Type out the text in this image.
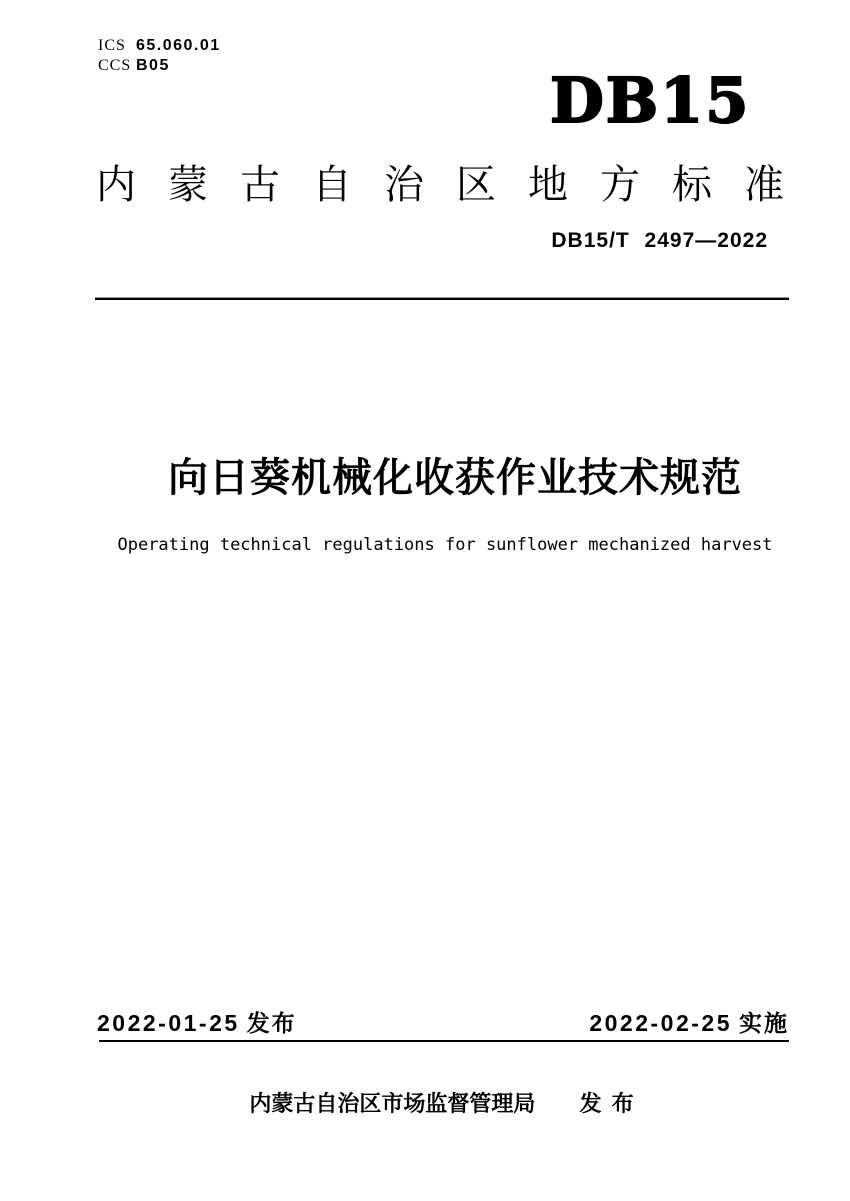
ICS 65.060.01
CCS B05	DB15
内蒙古自治区地方标准
DB15/T 2497—2022
向日葵机械化收获作业技术规范
Operating technical regulations for sunflower mechanized harvest
2022-01-25 发布	2022-02-25 实施
内蒙古自治区市场监督管理局 发 布
